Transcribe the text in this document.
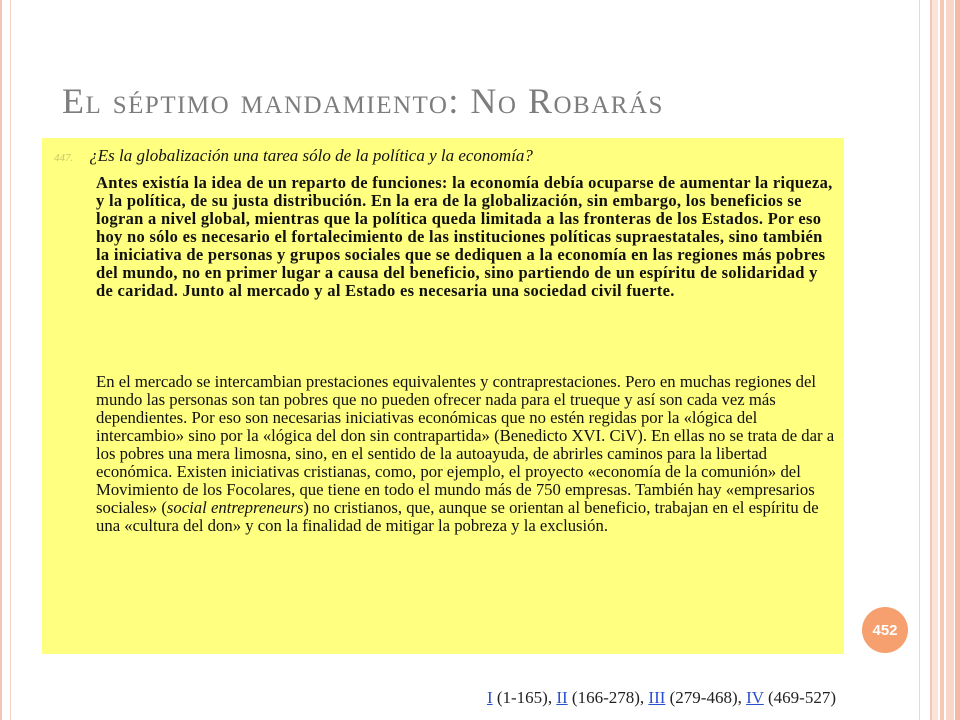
El séptimo mandamiento: No Robarás
447. ¿Es la globalización una tarea sólo de la política y la economía?
Antes existía la idea de un reparto de funciones: la economía debía ocuparse de aumentar la riqueza, y la política, de su justa distribución. En la era de la globalización, sin embargo, los beneficios se logran a nivel global, mientras que la política queda limitada a las fronteras de los Estados. Por eso hoy no sólo es necesario el fortalecimiento de las instituciones políticas supraestatales, sino también la iniciativa de personas y grupos sociales que se dediquen a la economía en las regiones más pobres del mundo, no en primer lugar a causa del beneficio, sino partiendo de un espíritu de solidaridad y de caridad. Junto al mercado y al Estado es necesaria una sociedad civil fuerte.
En el mercado se intercambian prestaciones equivalentes y contraprestaciones. Pero en muchas regiones del mundo las personas son tan pobres que no pueden ofrecer nada para el trueque y así son cada vez más dependientes. Por eso son necesarias iniciativas económicas que no estén regidas por la «lógica del intercambio» sino por la «lógica del don sin contrapartida» (Benedicto XVI. CiV). En ellas no se trata de dar a los pobres una mera limosna, sino, en el sentido de la autoayuda, de abrirles caminos para la libertad económica. Existen iniciativas cristianas, como, por ejemplo, el proyecto «economía de la comunión» del Movimiento de los Focolares, que tiene en todo el mundo más de 750 empresas. También hay «empresarios sociales» (social entrepreneurs) no cristianos, que, aunque se orientan al beneficio, trabajan en el espíritu de una «cultura del don» y con la finalidad de mitigar la pobreza y la exclusión.
452
I (1-165), II (166-278), III (279-468), IV (469-527)
